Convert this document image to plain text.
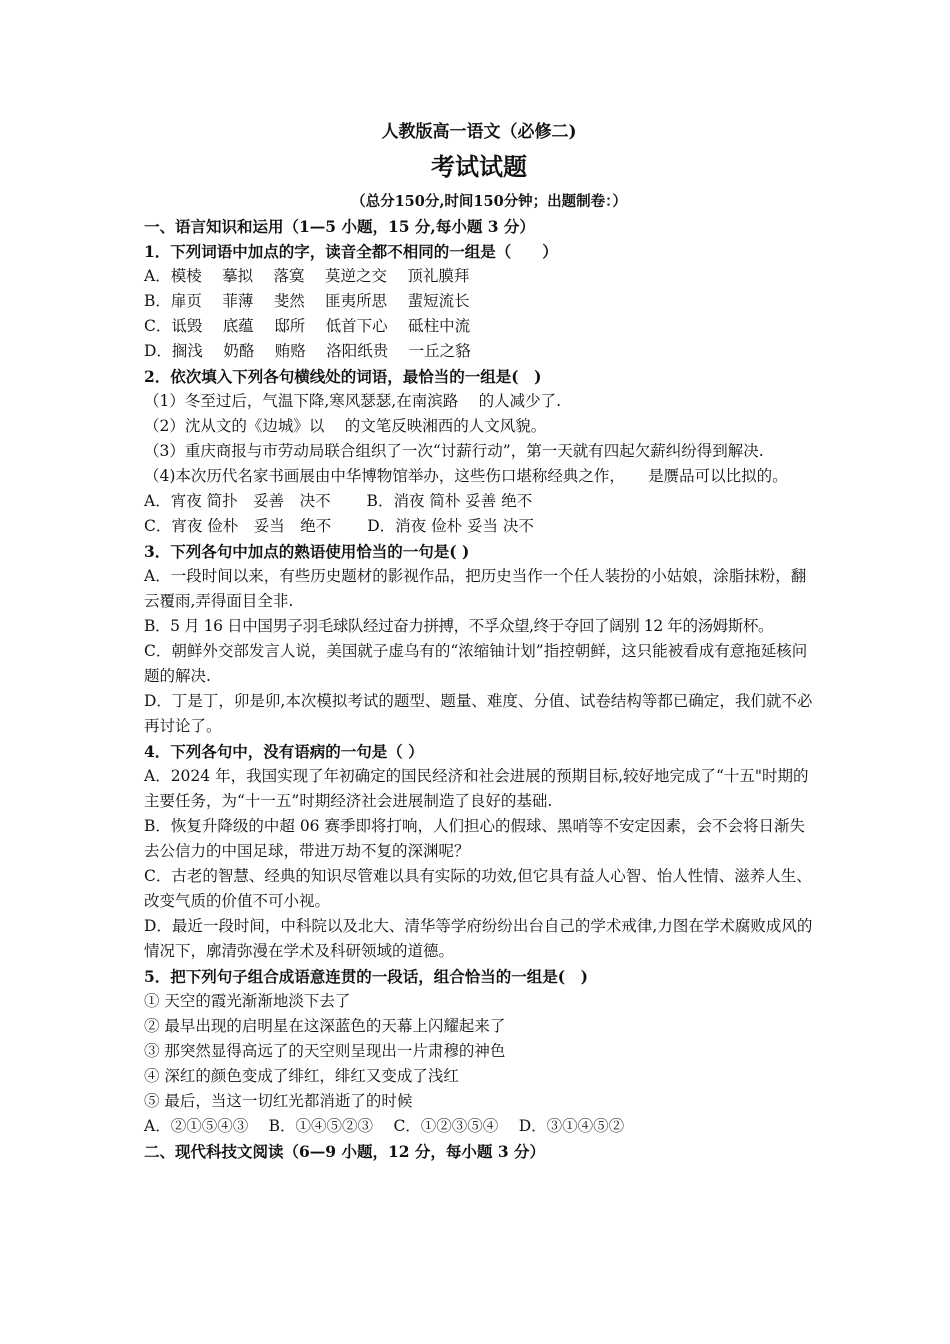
人教版高一语文（必修二)
考试试题
（总分150分,时间150分钟；出题制卷：）
一、语言知识和运用（1—5 小题，15 分,每小题 3 分）
1．下列词语中加点的字，读音全都不相同的一组是（　　）
A．模棱　 摹拟　 落寞　 莫逆之交　 顶礼膜拜
B．扉页　 菲薄　 斐然　 匪夷所思　 蜚短流长
C．诋毁　 底蕴　 邸所　 低首下心　 砥柱中流
D．搁浅　 奶酪　 贿赂　 洛阳纸贵　 一丘之貉
2．依次填入下列各句横线处的词语，最恰当的一组是(　)
（1）冬至过后，气温下降,寒风瑟瑟,在南滨路　 的人减少了.
（2）沈从文的《边城》以　 的文笔反映湘西的人文风貌。
（3）重庆商报与市劳动局联合组织了一次“讨薪行动”，第一天就有四起欠薪纠纷得到解决.
（4)本次历代名家书画展由中华博物馆举办，这些伤口堪称经典之作，　　是赝品可以比拟的。
A．宵夜 简扑　妥善　决不　　 B．消夜 简朴 妥善 绝不
C．宵夜 俭朴　妥当　绝不　　 D．消夜 俭朴 妥当 决不
3．下列各句中加点的熟语使用恰当的一句是( )
A．一段时间以来，有些历史题材的影视作品，把历史当作一个任人装扮的小姑娘，涂脂抹粉，翻云覆雨,弄得面目全非.
B．5 月 16 日中国男子羽毛球队经过奋力拼搏，不孚众望,终于夺回了阔别 12 年的汤姆斯杯。
C．朝鲜外交部发言人说，美国就子虚乌有的“浓缩铀计划”指控朝鲜，这只能被看成有意拖延核问题的解决.
D．丁是丁，卯是卯,本次模拟考试的题型、题量、难度、分值、试卷结构等都已确定，我们就不必再讨论了。
4．下列各句中，没有语病的一句是（ ）
A．2024 年，我国实现了年初确定的国民经济和社会进展的预期目标,较好地完成了“十五"时期的主要任务，为“十一五”时期经济社会进展制造了良好的基础.
B．恢复升降级的中超 06 赛季即将打响，人们担心的假球、黑哨等不安定因素，会不会将日渐失去公信力的中国足球，带进万劫不复的深渊呢？
C．古老的智慧、经典的知识尽管难以具有实际的功效,但它具有益人心智、怡人性情、滋养人生、改变气质的价值不可小视。
D．最近一段时间，中科院以及北大、清华等学府纷纷出台自己的学术戒律,力图在学术腐败成风的情况下，廓清弥漫在学术及科研领域的道德。
5．把下列句子组合成语意连贯的一段话，组合恰当的一组是(　)
① 天空的霞光渐渐地淡下去了
② 最早出现的启明星在这深蓝色的天幕上闪耀起来了
③ 那突然显得高远了的天空则呈现出一片肃穆的神色
④ 深红的颜色变成了绯红，绯红又变成了浅红
⑤ 最后，当这一切红光都消逝了的时候
A．②①⑤④③　 B．①④⑤②③　 C．①②③⑤④　 D．③①④⑤②
二、现代科技文阅读（6—9 小题，12 分，每小题 3 分）
